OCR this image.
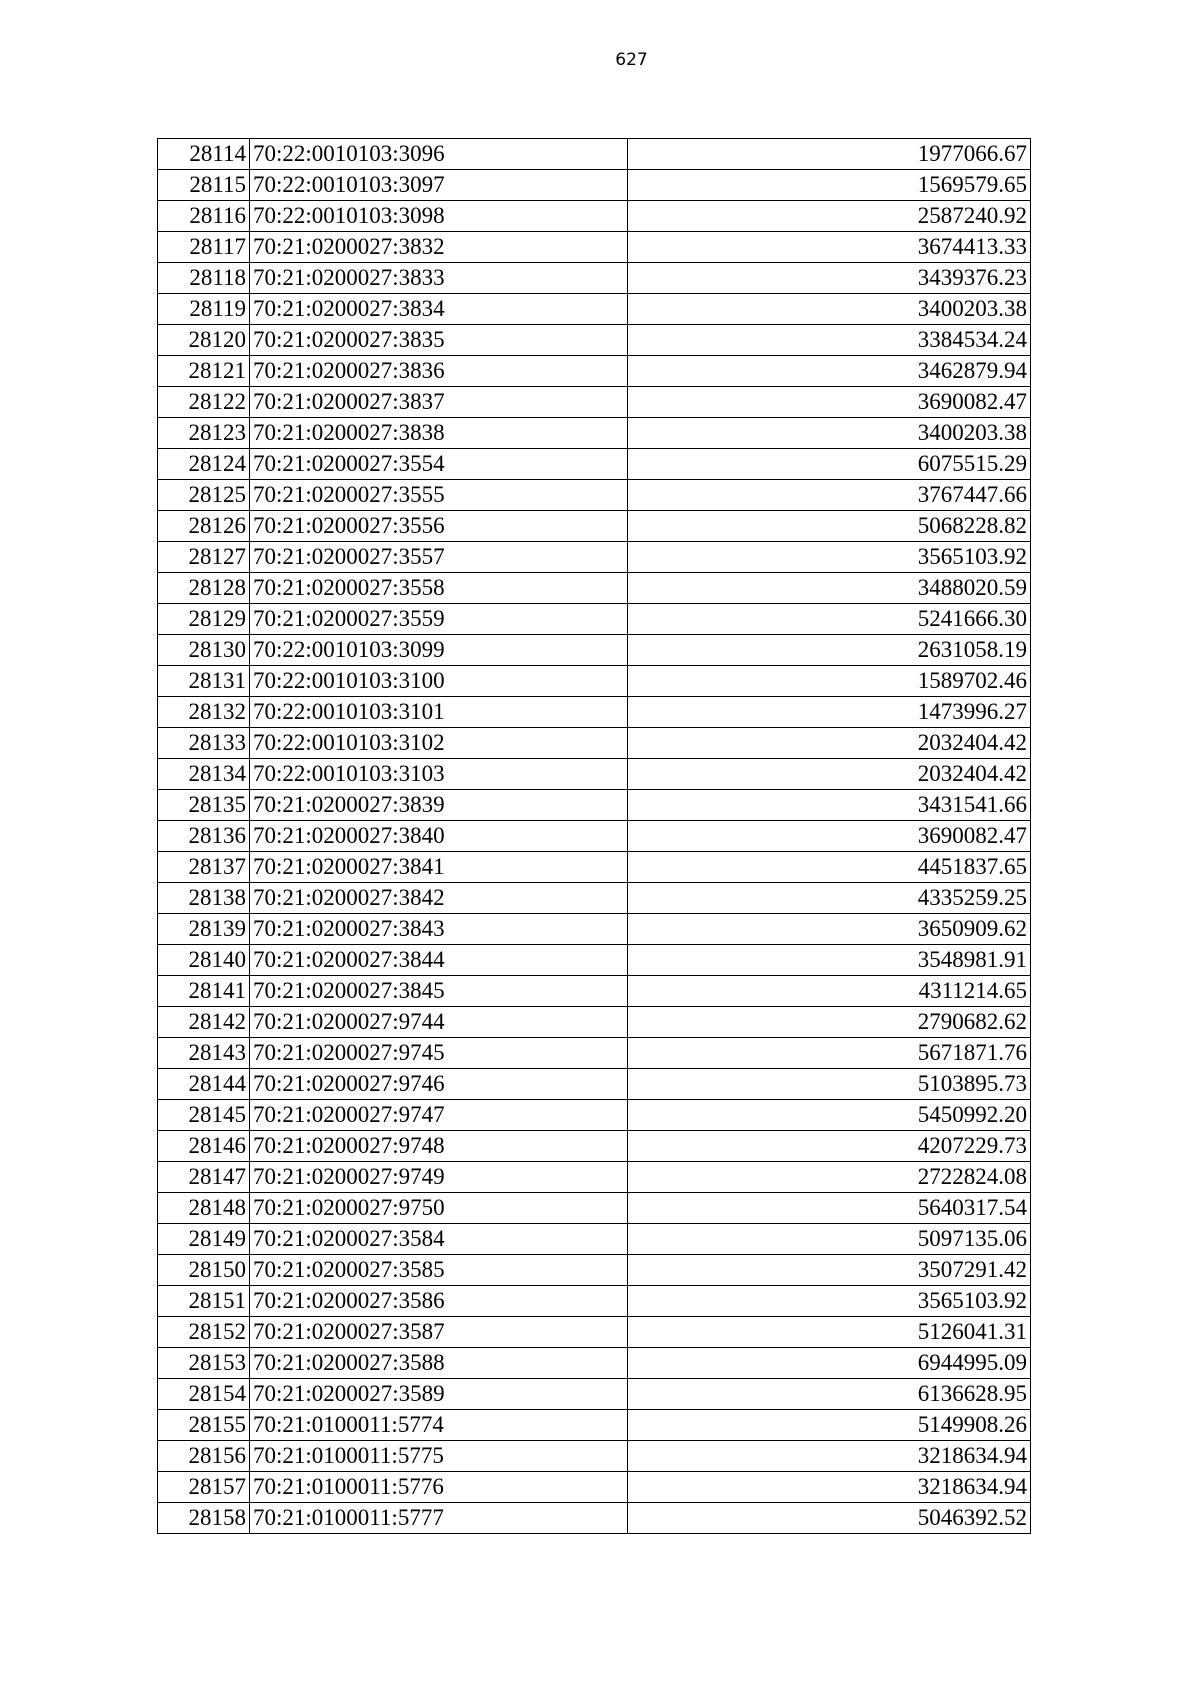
627
28114	70:22:0010103:3096	1977066.67
28115	70:22:0010103:3097	1569579.65
28116	70:22:0010103:3098	2587240.92
28117	70:21:0200027:3832	3674413.33
28118	70:21:0200027:3833	3439376.23
28119	70:21:0200027:3834	3400203.38
28120	70:21:0200027:3835	3384534.24
28121	70:21:0200027:3836	3462879.94
28122	70:21:0200027:3837	3690082.47
28123	70:21:0200027:3838	3400203.38
28124	70:21:0200027:3554	6075515.29
28125	70:21:0200027:3555	3767447.66
28126	70:21:0200027:3556	5068228.82
28127	70:21:0200027:3557	3565103.92
28128	70:21:0200027:3558	3488020.59
28129	70:21:0200027:3559	5241666.30
28130	70:22:0010103:3099	2631058.19
28131	70:22:0010103:3100	1589702.46
28132	70:22:0010103:3101	1473996.27
28133	70:22:0010103:3102	2032404.42
28134	70:22:0010103:3103	2032404.42
28135	70:21:0200027:3839	3431541.66
28136	70:21:0200027:3840	3690082.47
28137	70:21:0200027:3841	4451837.65
28138	70:21:0200027:3842	4335259.25
28139	70:21:0200027:3843	3650909.62
28140	70:21:0200027:3844	3548981.91
28141	70:21:0200027:3845	4311214.65
28142	70:21:0200027:9744	2790682.62
28143	70:21:0200027:9745	5671871.76
28144	70:21:0200027:9746	5103895.73
28145	70:21:0200027:9747	5450992.20
28146	70:21:0200027:9748	4207229.73
28147	70:21:0200027:9749	2722824.08
28148	70:21:0200027:9750	5640317.54
28149	70:21:0200027:3584	5097135.06
28150	70:21:0200027:3585	3507291.42
28151	70:21:0200027:3586	3565103.92
28152	70:21:0200027:3587	5126041.31
28153	70:21:0200027:3588	6944995.09
28154	70:21:0200027:3589	6136628.95
28155	70:21:0100011:5774	5149908.26
28156	70:21:0100011:5775	3218634.94
28157	70:21:0100011:5776	3218634.94
28158	70:21:0100011:5777	5046392.52
